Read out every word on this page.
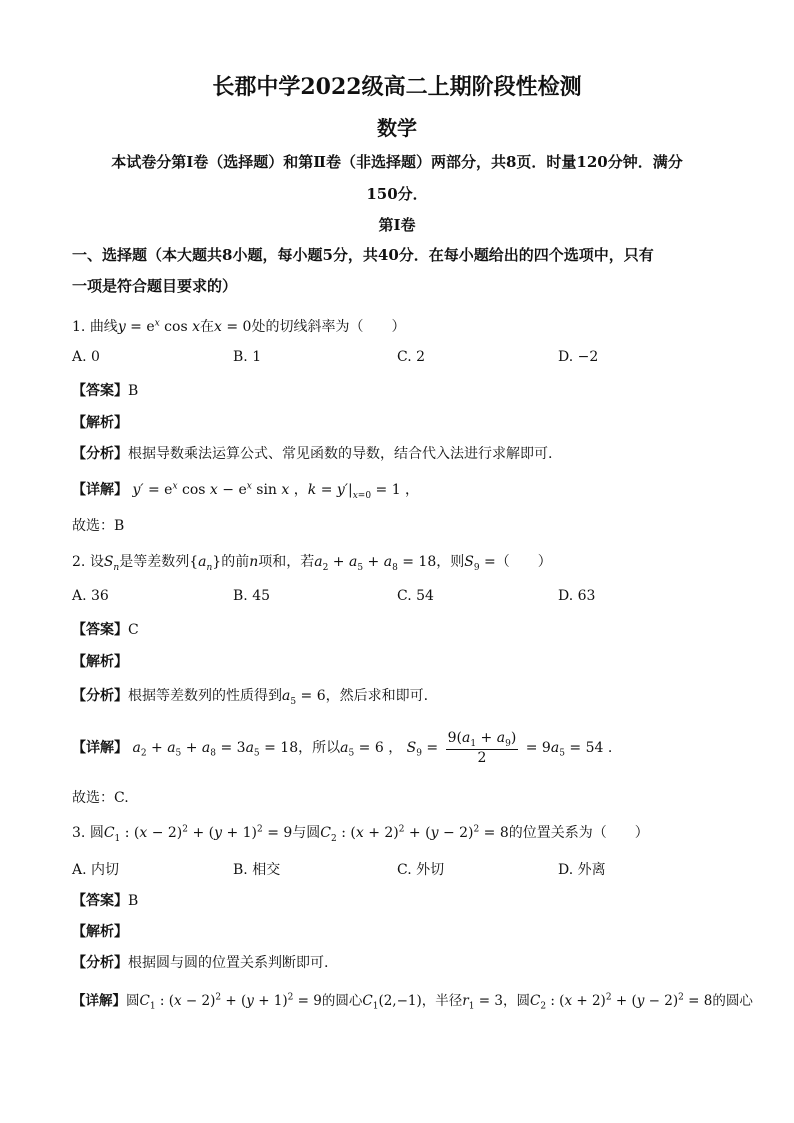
长郡中学2022级高二上期阶段性检测
数学
本试卷分第Ⅰ卷（选择题）和第Ⅱ卷（非选择题）两部分，共8页．时量120分钟．满分
150分．
第Ⅰ卷
一、选择题（本大题共8小题，每小题5分，共40分．在每小题给出的四个选项中，只有
一项是符合题目要求的）
1. 曲线$y = e^x$ cos x在x = 0处的切线斜率为（　　）
A. 0	B. 1	C. 2	D. −2
【答案】B
【解析】
【分析】根据导数乘法运算公式、常见函数的导数，结合代入法进行求解即可.
【详解】 $y' = e^x$ $\cos x - e^x$ sin x ，$k = y'|_{x=0} = 1$ ，
故选：B
2. 设$S_n$是等差数列$\{a_n\}$的前n项和，若$a_2 + a_5 + a_8 = 18$，则$S_9$ =（　　）
A. 36	B. 45	C. 54	D. 63
【答案】C
【解析】
【分析】根据等差数列的性质得到$a_5 = 6$，然后求和即可.
【详解】 $a_2 + a_5 + a_8 = 3a_5 = 18$，所以$a_5 = 6$ ， $S_9 = \frac{9(a_1 + a_9)}{2} = 9a_5 = 54$ .
故选：C.
3. 圆$C_1$ : $(x - 2)^2 + (y + 1)^2 = 9$与圆$C_2$ : $(x + 2)^2 + (y - 2)^2 = 8$的位置关系为（　　）
A. 内切	B. 相交	C. 外切	D. 外离
【答案】B
【解析】
【分析】根据圆与圆的位置关系判断即可.
【详解】圆$C_1$ : $(x - 2)^2 + (y + 1)^2 = 9$的圆心$C_1(2,-1)$，半径$r_1 = 3$，圆$C_2$ : $(x + 2)^2 + (y - 2)^2 = 8$的圆心
